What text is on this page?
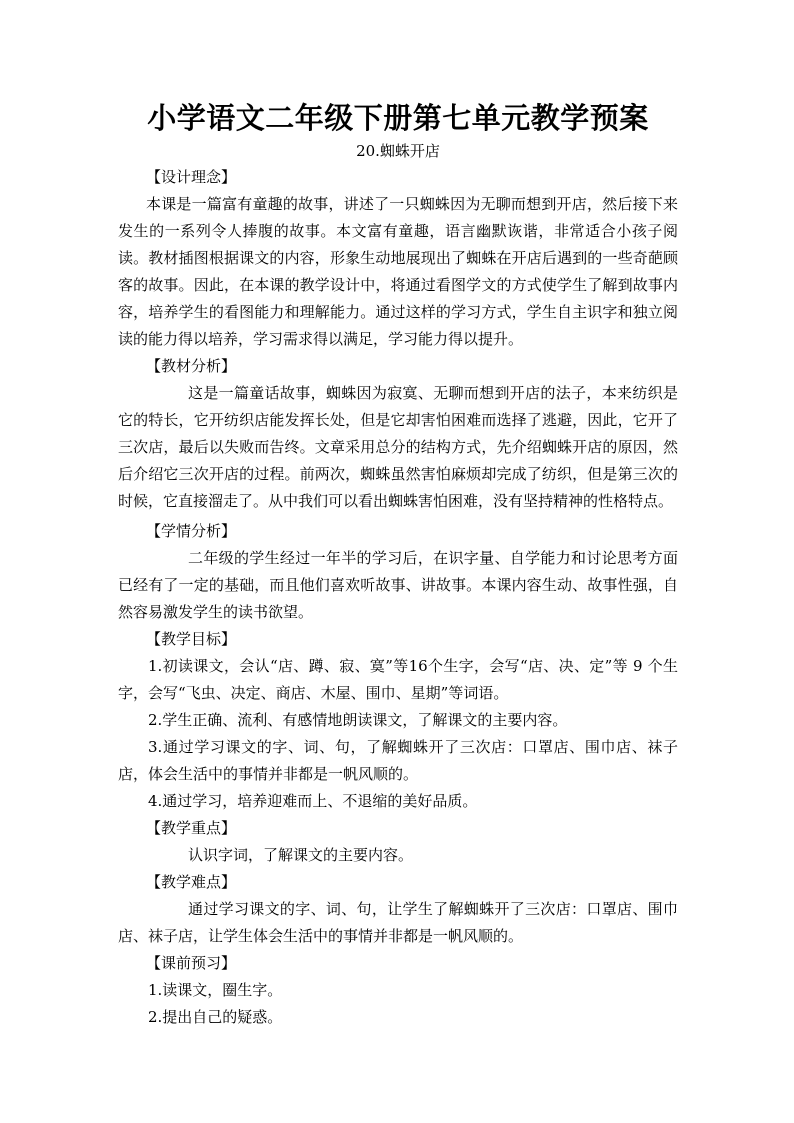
小学语文二年级下册第七单元教学预案

20.蜘蛛开店

【设计理念】

本课是一篇富有童趣的故事，讲述了一只蜘蛛因为无聊而想到开店，然后接下来发生的一系列令人捧腹的故事。本文富有童趣，语言幽默诙谐，非常适合小孩子阅读。教材插图根据课文的内容，形象生动地展现出了蜘蛛在开店后遇到的一些奇葩顾客的故事。因此，在本课的教学设计中，将通过看图学文的方式使学生了解到故事内容，培养学生的看图能力和理解能力。通过这样的学习方式，学生自主识字和独立阅读的能力得以培养，学习需求得以满足，学习能力得以提升。

【教材分析】

这是一篇童话故事，蜘蛛因为寂寞、无聊而想到开店的法子，本来纺织是它的特长，它开纺织店能发挥长处，但是它却害怕困难而选择了逃避，因此，它开了三次店，最后以失败而告终。文章采用总分的结构方式，先介绍蜘蛛开店的原因，然后介绍它三次开店的过程。前两次，蜘蛛虽然害怕麻烦却完成了纺织，但是第三次的时候，它直接溜走了。从中我们可以看出蜘蛛害怕困难，没有坚持精神的性格特点。

【学情分析】

二年级的学生经过一年半的学习后，在识字量、自学能力和讨论思考方面已经有了一定的基础，而且他们喜欢听故事、讲故事。本课内容生动、故事性强，自然容易激发学生的读书欲望。

【教学目标】

1.初读课文，会认“店、蹲、寂、寞”等16个生字，会写“店、决、定”等 9 个生字，会写“飞虫、决定、商店、木屋、围巾、星期”等词语。

2.学生正确、流利、有感情地朗读课文，了解课文的主要内容。

3.通过学习课文的字、词、句，了解蜘蛛开了三次店：口罩店、围巾店、袜子店，体会生活中的事情并非都是一帆风顺的。

4.通过学习，培养迎难而上、不退缩的美好品质。

【教学重点】

认识字词，了解课文的主要内容。

【教学难点】

通过学习课文的字、词、句，让学生了解蜘蛛开了三次店：口罩店、围巾店、袜子店，让学生体会生活中的事情并非都是一帆风顺的。

【课前预习】

1.读课文，圈生字。

2.提出自己的疑惑。
